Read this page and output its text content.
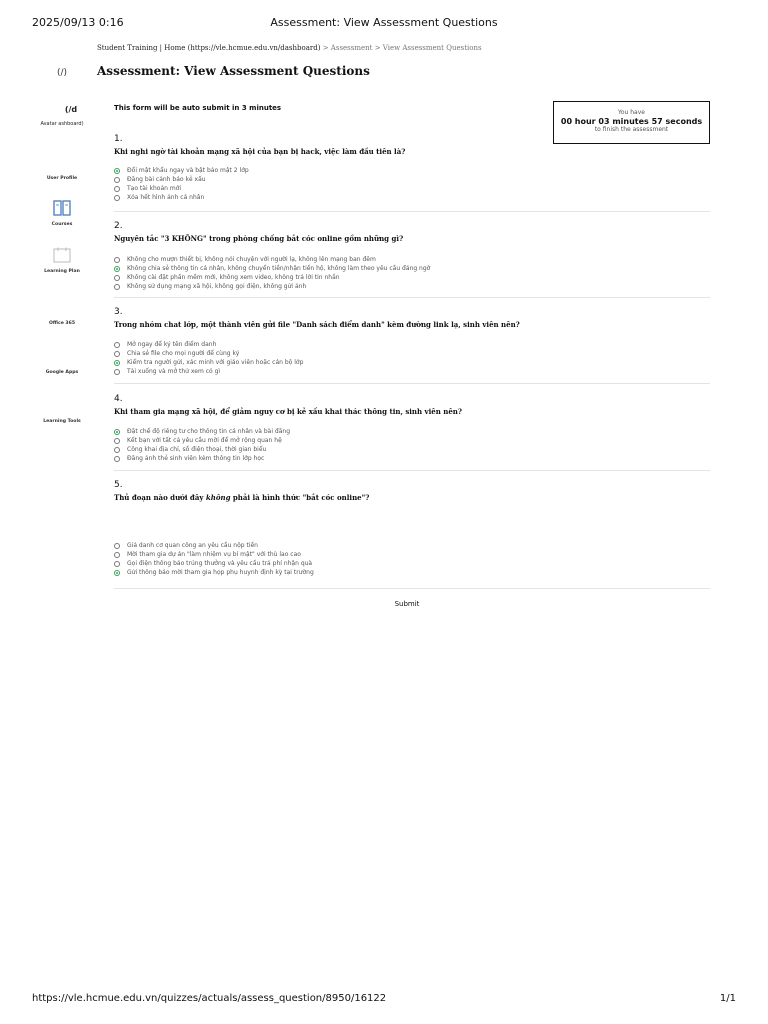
2025/09/13 0:16	Assessment: View Assessment Questions
(/)
(/d
Avatar ashboard)
User Profile
Courses
Learning Plan
Office 365
Google Apps
Learning Tools
Student Training | Home (https://vle.hcmue.edu.vn/dashboard) > Assessment > View Assessment Questions
Assessment: View Assessment Questions
This form will be auto submit in 3 minutes
You have
00 hour 03 minutes 57 seconds
to finish the assessment
1.
Khi nghi ngờ tài khoản mạng xã hội của bạn bị hack, việc làm đầu tiên là?
Đổi mật khẩu ngay và bật bảo mật 2 lớp
Đăng bài cảnh báo kẻ xấu
Tạo tài khoản mới
Xóa hết hình ảnh cá nhân
2.
Nguyên tắc "3 KHÔNG" trong phòng chống bắt cóc online gồm những gì?
Không cho mượn thiết bị, không nói chuyện với người lạ, không lên mạng ban đêm
Không chia sẻ thông tin cá nhân, không chuyển tiền/nhận tiền hộ, không làm theo yêu cầu đáng ngờ
Không cài đặt phần mềm mới, không xem video, không trả lời tin nhắn
Không sử dụng mạng xã hội, không gọi điện, không gửi ảnh
3.
Trong nhóm chat lớp, một thành viên gửi file "Danh sách điểm danh" kèm đường link lạ, sinh viên nên?
Mở ngay để ký tên điểm danh
Chia sẻ file cho mọi người để cùng ký
Kiểm tra người gửi, xác minh với giáo viên hoặc cán bộ lớp
Tải xuống và mở thử xem có gì
4.
Khi tham gia mạng xã hội, để giảm nguy cơ bị kẻ xấu khai thác thông tin, sinh viên nên?
Đặt chế độ riêng tư cho thông tin cá nhân và bài đăng
Kết bạn với tất cả yêu cầu mời để mở rộng quan hệ
Công khai địa chỉ, số điện thoại, thời gian biểu
Đăng ảnh thẻ sinh viên kèm thông tin lớp học
5.
Thủ đoạn nào dưới đây không phải là hình thức "bắt cóc online"?
Giả danh cơ quan công an yêu cầu nộp tiền
Mời tham gia dự án "làm nhiệm vụ bí mật" với thù lao cao
Gọi điện thông báo trúng thưởng và yêu cầu trả phí nhận quà
Gửi thông báo mời tham gia họp phụ huynh định kỳ tại trường
Submit
https://vle.hcmue.edu.vn/quizzes/actuals/assess_question/8950/16122	1/1
